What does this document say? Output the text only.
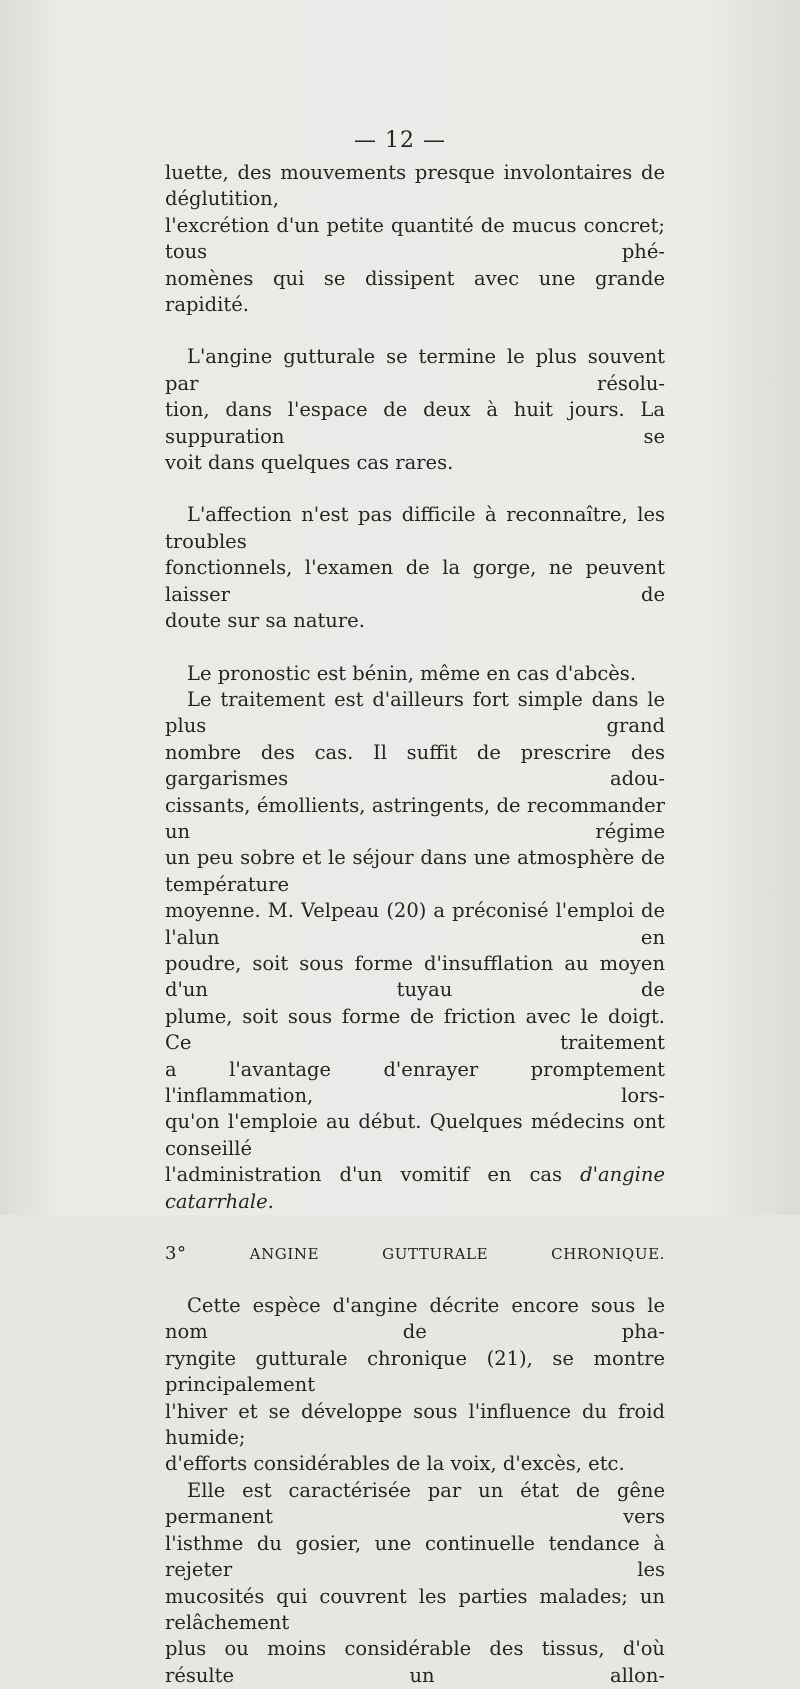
— 12 —

luette, des mouvements presque involontaires de déglutition,

l'excrétion d'un petite quantité de mucus concret; tous phé-

nomènes qui se dissipent avec une grande rapidité.

L'angine gutturale se termine le plus souvent par résolu-

tion, dans l'espace de deux à huit jours. La suppuration se

voit dans quelques cas rares.

L'affection n'est pas difficile à reconnaître, les troubles

fonctionnels, l'examen de la gorge, ne peuvent laisser de

doute sur sa nature.

Le pronostic est bénin, même en cas d'abcès.

Le traitement est d'ailleurs fort simple dans le plus grand

nombre des cas. Il suffit de prescrire des gargarismes adou-

cissants, émollients, astringents, de recommander un régime

un peu sobre et le séjour dans une atmosphère de température

moyenne. M. Velpeau (20) a préconisé l'emploi de l'alun en

poudre, soit sous forme d'insufflation au moyen d'un tuyau de

plume, soit sous forme de friction avec le doigt. Ce traitement

a l'avantage d'enrayer promptement l'inflammation, lors-

qu'on l'emploie au début. Quelques médecins ont conseillé

l'administration d'un vomitif en cas d'angine catarrhale.

3°	ANGINE GUTTURALE CHRONIQUE.

Cette espèce d'angine décrite encore sous le nom de pha-

ryngite gutturale chronique (21), se montre principalement

l'hiver et se développe sous l'influence du froid humide;

d'efforts considérables de la voix, d'excès, etc.

Elle est caractérisée par un état de gêne permanent vers

l'isthme du gosier, une continuelle tendance à rejeter les

mucosités qui couvrent les parties malades; un relâchement

plus ou moins considérable des tissus, d'où résulte un allon-
